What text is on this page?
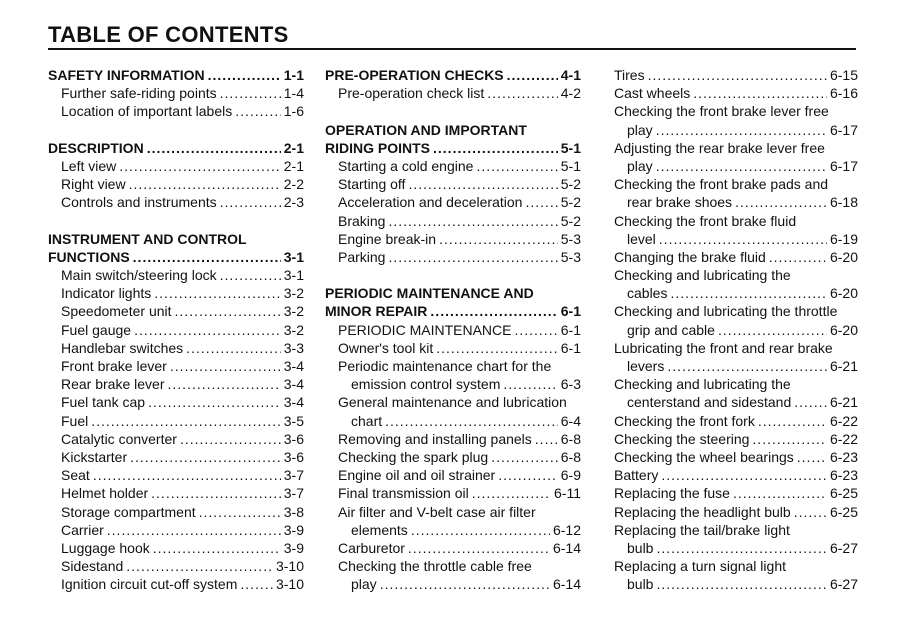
TABLE OF CONTENTS
SAFETY INFORMATION .....	1-1
Further safe-riding points .....	1-4
Location of important labels .....	1-6
DESCRIPTION .....	2-1
Left view .....	2-1
Right view .....	2-2
Controls and instruments .....	2-3
INSTRUMENT AND CONTROL
FUNCTIONS .....	3-1
Main switch/steering lock .....	3-1
Indicator lights .....	3-2
Speedometer unit .....	3-2
Fuel gauge .....	3-2
Handlebar switches .....	3-3
Front brake lever .....	3-4
Rear brake lever .....	3-4
Fuel tank cap .....	3-4
Fuel .....	3-5
Catalytic converter .....	3-6
Kickstarter .....	3-6
Seat .....	3-7
Helmet holder .....	3-7
Storage compartment .....	3-8
Carrier .....	3-9
Luggage hook .....	3-9
Sidestand .....	3-10
Ignition circuit cut-off system .....	3-10
PRE-OPERATION CHECKS .....	4-1
Pre-operation check list .....	4-2
OPERATION AND IMPORTANT
RIDING POINTS .....	5-1
Starting a cold engine .....	5-1
Starting off .....	5-2
Acceleration and deceleration .....	5-2
Braking .....	5-2
Engine break-in .....	5-3
Parking .....	5-3
PERIODIC MAINTENANCE AND
MINOR REPAIR .....	6-1
PERIODIC MAINTENANCE .....	6-1
Owner's tool kit .....	6-1
Periodic maintenance chart for the
emission control system .....	6-3
General maintenance and lubrication
chart .....	6-4
Removing and installing panels ..... 6-8
Checking the spark plug .....	6-8
Engine oil and oil strainer .....	6-9
Final transmission oil .....	6-11
Air filter and V-belt case air filter
elements .....	6-12
Carburetor .....	6-14
Checking the throttle cable free
play .....	6-14
Tires .....	6-15
Cast wheels .....	6-16
Checking the front brake lever free
play .....	6-17
Adjusting the rear brake lever free
play .....	6-17
Checking the front brake pads and
rear brake shoes .....	6-18
Checking the front brake fluid
level .....	6-19
Changing the brake fluid .....	6-20
Checking and lubricating the
cables .....	6-20
Checking and lubricating the throttle
grip and cable .....	6-20
Lubricating the front and rear brake
levers .....	6-21
Checking and lubricating the
centerstand and sidestand .....	6-21
Checking the front fork .....	6-22
Checking the steering .....	6-22
Checking the wheel bearings .....	6-23
Battery .....	6-23
Replacing the fuse .....	6-25
Replacing the headlight bulb .....	6-25
Replacing the tail/brake light
bulb .....	6-27
Replacing a turn signal light
bulb .....	6-27
